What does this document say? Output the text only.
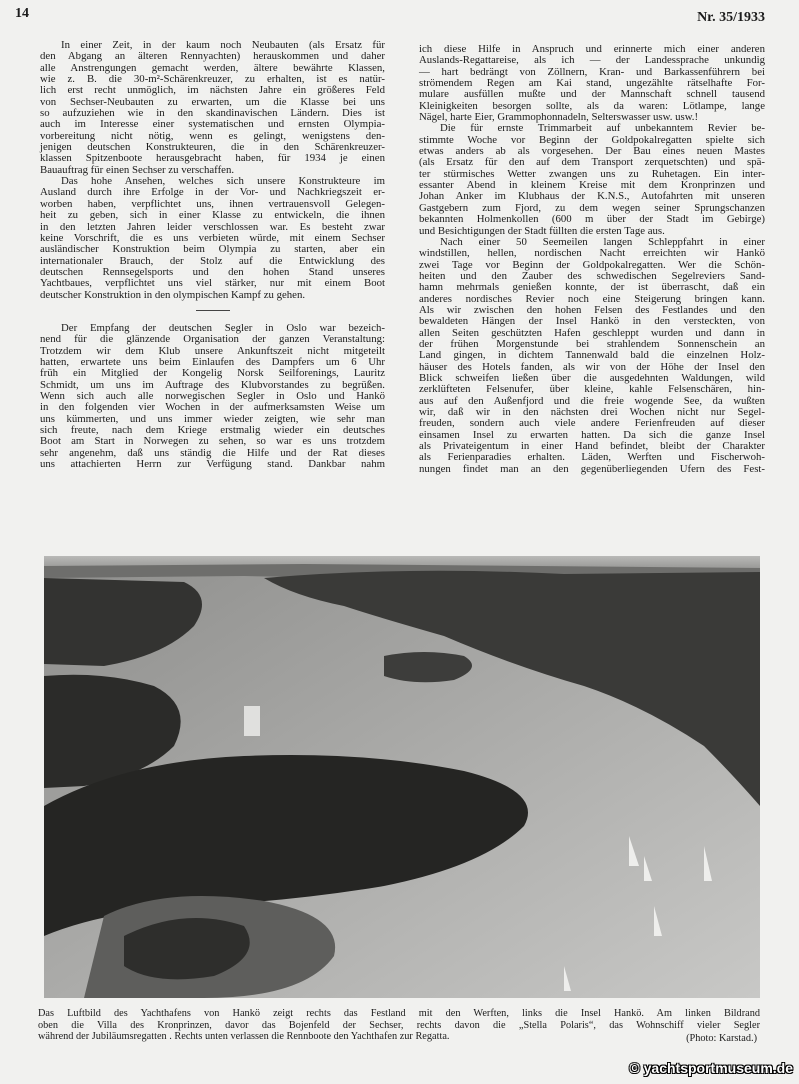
14	Nr. 35/1933
In einer Zeit, in der kaum noch Neubauten (als Ersatz für
den Abgang an älteren Rennyachten) herauskommen und daher
alle Anstrengungen gemacht werden, ältere bewährte Klassen,
wie z. B. die 30-m²-Schärenkreuzer, zu erhalten, ist es natür-
lich erst recht unmöglich, im nächsten Jahre ein größeres Feld
von Sechser-Neubauten zu erwarten, um die Klasse bei uns
so aufzuziehen wie in den skandinavischen Ländern. Dies ist
auch im Interesse einer systematischen und ernsten Olympia-
vorbereitung nicht nötig, wenn es gelingt, wenigstens den-
jenigen deutschen Konstrukteuren, die in den Schärenkreuzer-
klassen Spitzenboote herausgebracht haben, für 1934 je einen
Bauauftrag für einen Sechser zu verschaffen.
Das hohe Ansehen, welches sich unsere Konstrukteure im
Ausland durch ihre Erfolge in der Vor- und Nachkriegszeit er-
worben haben, verpflichtet uns, ihnen vertrauensvoll Gelegen-
heit zu geben, sich in einer Klasse zu entwickeln, die ihnen
in den letzten Jahren leider verschlossen war. Es besteht zwar
keine Vorschrift, die es uns verbieten würde, mit einem Sechser
ausländischer Konstruktion beim Olympia zu starten, aber ein
internationaler Brauch, der Stolz auf die Entwicklung des
deutschen Rennsegelsports und den hohen Stand unseres
Yachtbaues, verpflichtet uns viel stärker, nur mit einem Boot
deutscher Konstruktion in den olympischen Kampf zu gehen.
Der Empfang der deutschen Segler in Oslo war bezeich-
nend für die glänzende Organisation der ganzen Veranstaltung:
Trotzdem wir dem Klub unsere Ankunftszeit nicht mitgeteilt
hatten, erwartete uns beim Einlaufen des Dampfers um 6 Uhr
früh ein Mitglied der Kongelig Norsk Seilforenings, Lauritz
Schmidt, um uns im Auftrage des Klubvorstandes zu begrüßen.
Wenn sich auch alle norwegischen Segler in Oslo und Hankö
in den folgenden vier Wochen in der aufmerksamsten Weise um
uns kümmerten, und uns immer wieder zeigten, wie sehr man
sich freute, nach dem Kriege erstmalig wieder ein deutsches
Boot am Start in Norwegen zu sehen, so war es uns trotzdem
sehr angenehm, daß uns ständig die Hilfe und der Rat dieses
uns attachierten Herrn zur Verfügung stand. Dankbar nahm
ich diese Hilfe in Anspruch und erinnerte mich einer anderen
Auslands-Regattareise, als ich — der Landessprache unkundig
— hart bedrängt von Zöllnern, Kran- und Barkassenführern bei
strömendem Regen am Kai stand, ungezählte rätselhafte For-
mulare ausfüllen mußte und der Mannschaft schnell tausend
Kleinigkeiten besorgen sollte, als da waren: Lötlampe, lange
Nägel, harte Eier, Grammophonnadeln, Selterswasser usw. usw.!
Die für ernste Trimmarbeit auf unbekanntem Revier be-
stimmte Woche vor Beginn der Goldpokalregatten spielte sich
etwas anders ab als vorgesehen. Der Bau eines neuen Mastes
(als Ersatz für den auf dem Transport zerquetschten) und spä-
ter stürmisches Wetter zwangen uns zu Ruhetagen. Ein inter-
essanter Abend in kleinem Kreise mit dem Kronprinzen und
Johan Anker im Klubhaus der K.N.S., Autofahrten mit unseren
Gastgebern zum Fjord, zu dem wegen seiner Sprungschanzen
bekannten Holmenkollen (600 m über der Stadt im Gebirge)
und Besichtigungen der Stadt füllten die ersten Tage aus.
Nach einer 50 Seemeilen langen Schleppfahrt in einer
windstillen, hellen, nordischen Nacht erreichten wir Hankö
zwei Tage vor Beginn der Goldpokalregatten. Wer die Schön-
heiten und den Zauber des schwedischen Segelreviers Sand-
hamn mehrmals genießen konnte, der ist überrascht, daß ein
anderes nordisches Revier noch eine Steigerung bringen kann.
Als wir zwischen den hohen Felsen des Festlandes und den
bewaldeten Hängen der Insel Hankö in den versteckten, von
allen Seiten geschützten Hafen geschleppt wurden und dann in
der frühen Morgenstunde bei strahlendem Sonnenschein an
Land gingen, in dichtem Tannenwald bald die einzelnen Holz-
häuser des Hotels fanden, als wir von der Höhe der Insel den
Blick schweifen ließen über die ausgedehnten Waldungen, wild
zerklüfteten Felsenufer, über kleine, kahle Felsenschären, hin-
aus auf den Außenfjord und die freie wogende See, da wußten
wir, daß wir in den nächsten drei Wochen nicht nur Segel-
freuden, sondern auch viele andere Ferienfreuden auf dieser
einsamen Insel zu erwarten hatten. Da sich die ganze Insel
als Privateigentum in einer Hand befindet, bleibt der Charakter
als Ferienparadies erhalten. Läden, Werften und Fischerwoh-
nungen findet man an den gegenüberliegenden Ufern des Fest-
Das Luftbild des Yachthafens von Hankö zeigt rechts das Festland mit den Werften, links die Insel Hankö. Am linken Bildrand
oben die Villa des Kronprinzen, davor das Bojenfeld der Sechser, rechts davon die „Stella Polaris“, das Wohnschiff vieler Segler
während der Jubiläumsregatten . Rechts unten verlassen die Rennboote den Yachthafen zur Regatta.	(Photo: Karstad.)
© yachtsportmuseum.de
